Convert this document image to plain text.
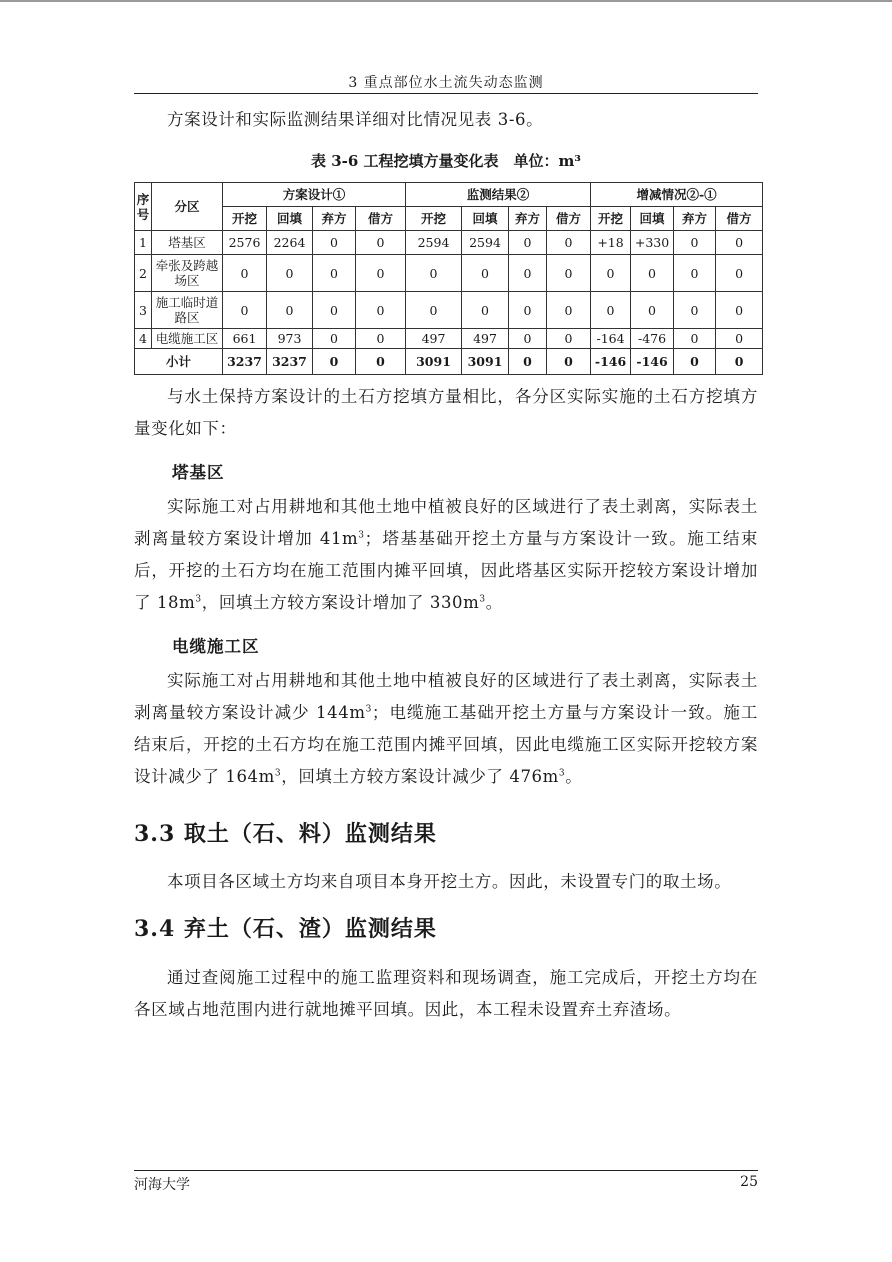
3 重点部位水土流失动态监测
方案设计和实际监测结果详细对比情况见表 3-6。
表 3-6 工程挖填方量变化表　单位：m³
序号	分区	方案设计①				监测结果②				增减情况②-①			
		开挖	回填	弃方	借方	开挖	回填	弃方	借方	开挖	回填	弃方	借方
1	塔基区	2576	2264	0	0	2594	2594	0	0	+18	+330	0	0
2	牵张及跨越场区	0	0	0	0	0	0	0	0	0	0	0	0
3	施工临时道路区	0	0	0	0	0	0	0	0	0	0	0	0
4	电缆施工区	661	973	0	0	497	497	0	0	-164	-476	0	0
小计		3237	3237	0	0	3091	3091	0	0	-146	-146	0	0
与水土保持方案设计的土石方挖填方量相比，各分区实际实施的土石方挖填方量变化如下：
塔基区
实际施工对占用耕地和其他土地中植被良好的区域进行了表土剥离，实际表土剥离量较方案设计增加 $41m^3$；塔基基础开挖土方量与方案设计一致。施工结束后，开挖的土石方均在施工范围内摊平回填，因此塔基区实际开挖较方案设计增加了 $18m^3$，回填土方较方案设计增加了 $330m^3$。
电缆施工区
实际施工对占用耕地和其他土地中植被良好的区域进行了表土剥离，实际表土剥离量较方案设计减少 $144m^3$；电缆施工基础开挖土方量与方案设计一致。施工结束后，开挖的土石方均在施工范围内摊平回填，因此电缆施工区实际开挖较方案设计减少了 $164m^3$，回填土方较方案设计减少了 $476m^3$。
3.3 取土（石、料）监测结果
本项目各区域土方均来自项目本身开挖土方。因此，未设置专门的取土场。
3.4 弃土（石、渣）监测结果
通过查阅施工过程中的施工监理资料和现场调查，施工完成后，开挖土方均在各区域占地范围内进行就地摊平回填。因此，本工程未设置弃土弃渣场。
河海大学	25
